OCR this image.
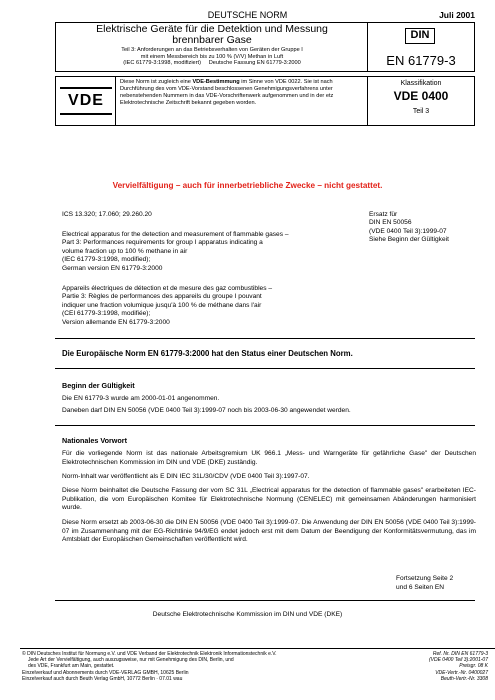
DEUTSCHE NORM	Juli 2001
Elektrische Geräte für die Detektion und Messung
brennbarer Gase
Teil 3: Anforderungen an das Betriebsverhalten von Geräten der Gruppe I
mit einem Messbereich bis zu 100 % (V/V) Methan in Luft
(IEC 61779-3:1998, modifiziert)     Deutsche Fassung EN 61779-3:2000
DIN
EN 61779-3
VDE
Diese Norm ist zugleich eine VDE-Bestimmung im Sinne von VDE 0022. Sie ist nach Durchführung des vom VDE-Vorstand beschlossenen Genehmigungsverfahrens unter nebenstehenden Nummern in das VDE-Vorschriftenwerk aufgenommen und in der etz Elektrotechnische Zeitschrift bekannt gegeben worden.
Klassifikation
VDE 0400
Teil 3
Vervielfältigung – auch für innerbetriebliche Zwecke – nicht gestattet.
ICS 13.320; 17.060; 29.260.20	Ersatz für
DIN EN 50056
(VDE 0400 Teil 3):1999-07
Siehe Beginn der Gültigkeit
Electrical apparatus for the detection and measurement of flammable gases –
Part 3: Performances requirements for group I apparatus indicating a
volume fraction up to 100 % methane in air
(IEC 61779-3:1998, modified);
German version EN 61779-3:2000
Appareils électriques de détection et de mesure des gaz combustibles –
Partie 3: Règles de performances des appareils du groupe I pouvant
indiquer une fraction volumique jusqu'à 100 % de méthane dans l'air
(CEI 61779-3:1998, modifiée);
Version allemande EN 61779-3:2000
Die Europäische Norm EN 61779-3:2000 hat den Status einer Deutschen Norm.
Beginn der Gültigkeit
Die EN 61779-3 wurde am 2000-01-01 angenommen.
Daneben darf DIN EN 50056 (VDE 0400 Teil 3):1999-07 noch bis 2003-06-30 angewendet werden.
Nationales Vorwort
Für die vorliegende Norm ist das nationale Arbeitsgremium UK 966.1 „Mess- und Warngeräte für gefährliche Gase" der Deutschen Elektrotechnischen Kommission im DIN und VDE (DKE) zuständig.
Norm-Inhalt war veröffentlicht als E DIN IEC 31L/30/CDV (VDE 0400 Teil 3):1997-07.
Diese Norm beinhaltet die Deutsche Fassung der vom SC 31L „Electrical apparatus for the detection of flammable gases" erarbeiteten IEC-Publikation, die vom Europäischen Komitee für Elektrotechnische Normung (CENELEC) mit gemeinsamen Abänderungen harmonisiert wurde.
Diese Norm ersetzt ab 2003-06-30 die DIN EN 50056 (VDE 0400 Teil 3):1999-07. Die Anwendung der DIN EN 50056 (VDE 0400 Teil 3):1999-07 im Zusammenhang mit der EG-Richtlinie 94/9/EG endet jedoch erst mit dem Datum der Beendigung der Konformitätsvermutung, das im Amtsblatt der Europäischen Gemeinschaften veröffentlicht wird.
Fortsetzung Seite 2
und 6 Seiten EN
Deutsche Elektrotechnische Kommission im DIN und VDE (DKE)
© DIN Deutsches Institut für Normung e.V. und VDE Verband der Elektrotechnik Elektronik Informationstechnik e.V.
Jede Art der Vervielfältigung, auch auszugsweise, nur mit Genehmigung des DIN, Berlin, und
des VDE, Frankfurt am Main, gestattet.
Einzelverkauf und Abonnements durch VDE-VERLAG GMBH, 10625 Berlin
Einzelverkauf auch durch Beuth Verlag GmbH, 10772 Berlin · 07.01 wau
Ref. Nr. DIN EN 61779-3
(VDE 0400 Teil 3):2001-07
Preisgr. 08 K
VDE-Vertr.-Nr. 0400027
Beuth-Vertr.-Nr. 3308
